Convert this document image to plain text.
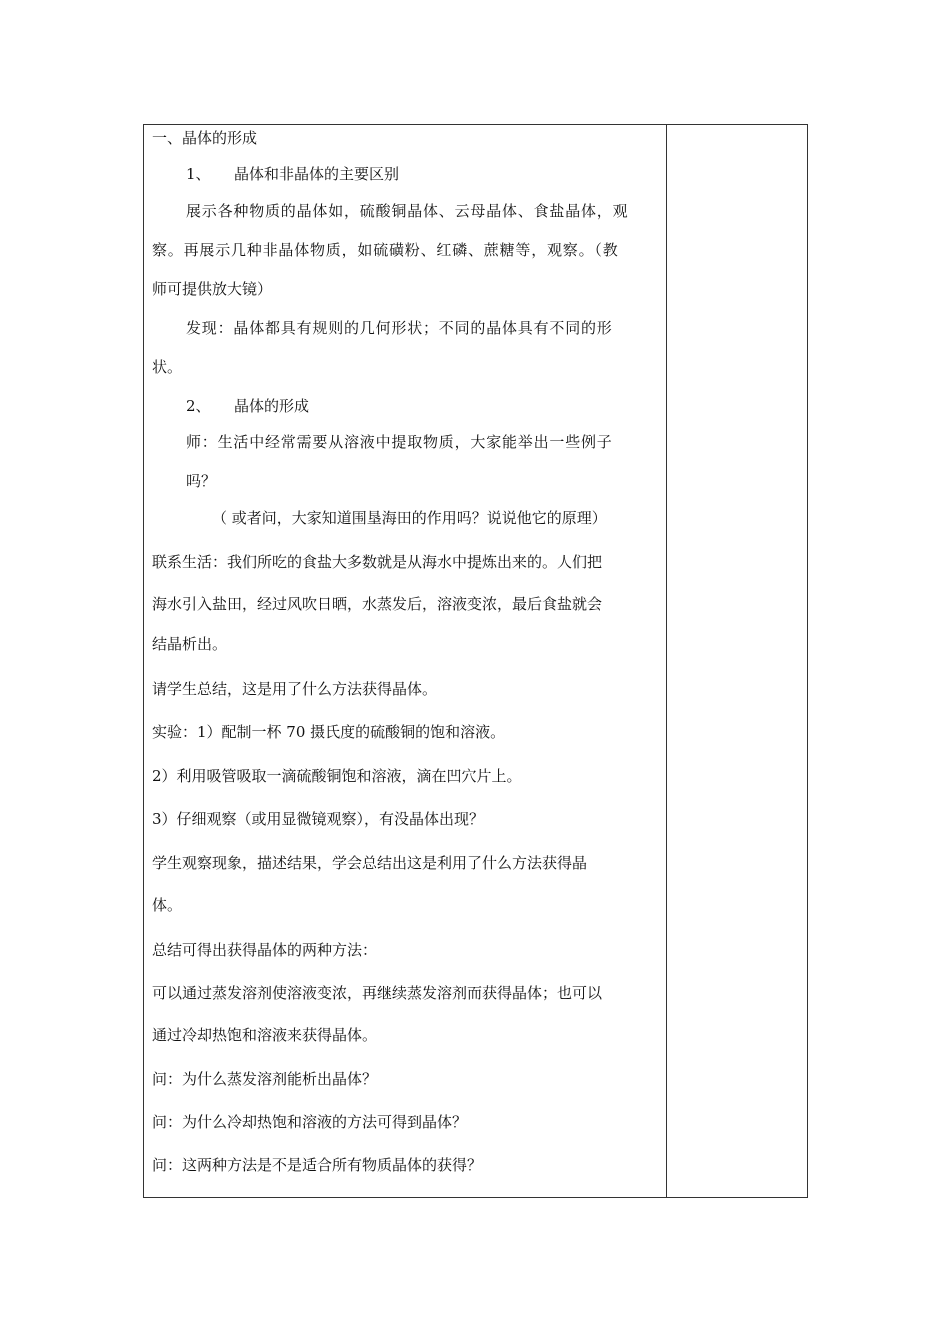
一、晶体的形成
1、 晶体和非晶体的主要区别
展示各种物质的晶体如，硫酸铜晶体、云母晶体、食盐晶体，观
察。再展示几种非晶体物质，如硫磺粉、红磷、蔗糖等，观察。（教
师可提供放大镜）
发现：晶体都具有规则的几何形状；不同的晶体具有不同的形
状。
2、 晶体的形成
师：生活中经常需要从溶液中提取物质，大家能举出一些例子
吗？
（ 或者问，大家知道围垦海田的作用吗？说说他它的原理）
联系生活：我们所吃的食盐大多数就是从海水中提炼出来的。人们把
海水引入盐田，经过风吹日晒，水蒸发后，溶液变浓，最后食盐就会
结晶析出。
请学生总结，这是用了什么方法获得晶体。
实验：1）配制一杯 70 摄氏度的硫酸铜的饱和溶液。
2）利用吸管吸取一滴硫酸铜饱和溶液，滴在凹穴片上。
3）仔细观察（或用显微镜观察），有没晶体出现？
学生观察现象，描述结果，学会总结出这是利用了什么方法获得晶
体。
总结可得出获得晶体的两种方法：
可以通过蒸发溶剂使溶液变浓，再继续蒸发溶剂而获得晶体；也可以
通过冷却热饱和溶液来获得晶体。
问：为什么蒸发溶剂能析出晶体？
问：为什么冷却热饱和溶液的方法可得到晶体？
问：这两种方法是不是适合所有物质晶体的获得？
